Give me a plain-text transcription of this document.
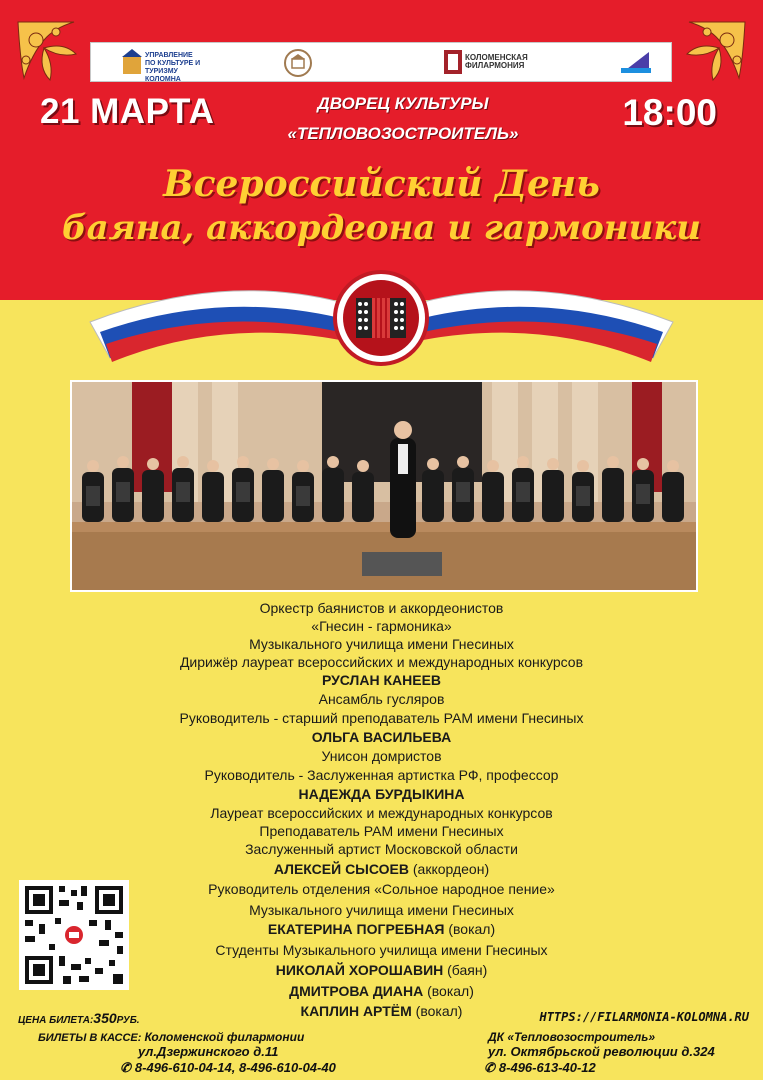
УПРАВЛЕНИЕ ПО КУЛЬТУРЕ И ТУРИЗМУ КОЛОМНА
КОЛОМЕНСКАЯ ФИЛАРМОНИЯ
21 МАРТА	ДВОРЕЦ КУЛЬТУРЫ
«ТЕПЛОВОЗОСТРОИТЕЛЬ»
18:00
Всероссийский День
баяна, аккордеона и гармоники
Оркестр баянистов и аккордеонистов
«Гнесин - гармоника»
Музыкального училища имени Гнесиных
Дирижёр лауреат всероссийских и международных конкурсов
РУСЛАН КАНЕЕВ
Ансамбль гусляров
Руководитель - старший преподаватель РАМ имени Гнесиных
ОЛЬГА ВАСИЛЬЕВА
Унисон домристов
Руководитель - Заслуженная артистка РФ, профессор
НАДЕЖДА БУРДЫКИНА
Лауреат всероссийских и международных конкурсов
Преподаватель РАМ имени Гнесиных
Заслуженный артист Московской области
АЛЕКСЕЙ СЫСОЕВ (аккордеон)
Руководитель отделения «Сольное народное пение»
Музыкального училища имени Гнесиных
ЕКАТЕРИНА ПОГРЕБНАЯ (вокал)
Студенты Музыкального училища имени Гнесиных
НИКОЛАЙ ХОРОШАВИН (баян)
ДМИТРОВА ДИАНА (вокал)
КАПЛИН АРТЁМ (вокал)
ЦЕНА БИЛЕТА:350РУБ.	HTTPS://FILARMONIA-KOLOMNA.RU
БИЛЕТЫ В КАССЕ: Коломенской филармонии	ДК «Тепловозостроитель»
ул.Дзержинского д.11	ул. Октябрьской революции д.324
✆ 8-496-610-04-14, 8-496-610-04-40	✆ 8-496-613-40-12
